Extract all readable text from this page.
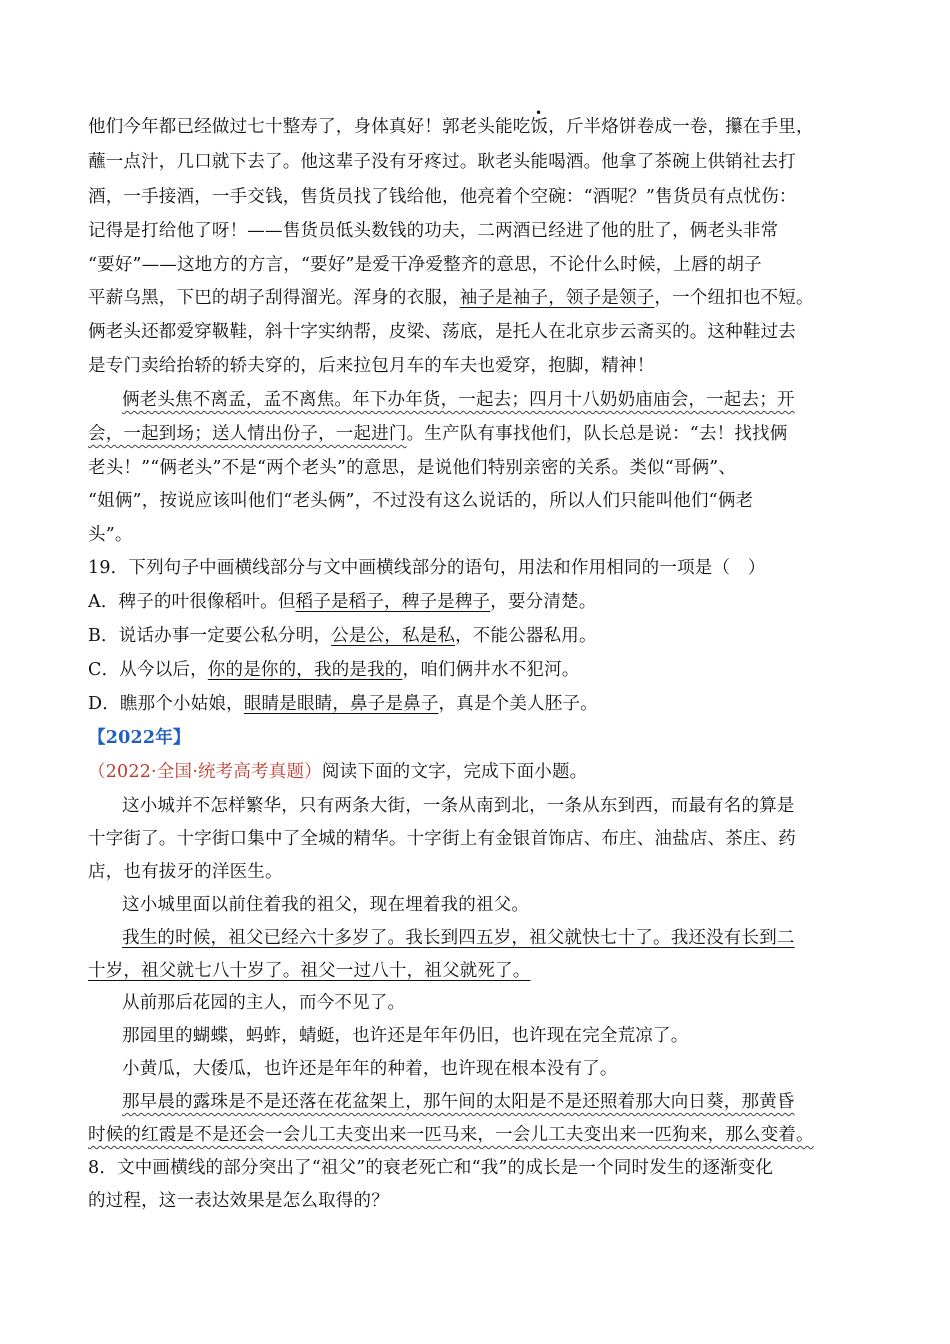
•
他们今年都已经做过七十整寿了，身体真好！郭老头能吃饭，斤半烙饼卷成一卷，攥在手里，
蘸一点汁，几口就下去了。他这辈子没有牙疼过。耿老头能喝酒。他拿了茶碗上供销社去打
酒，一手接酒，一手交钱，售货员找了钱给他，他亮着个空碗：“酒呢？”售货员有点忧伤：
记得是打给他了呀！——售货员低头数钱的功夫，二两酒已经进了他的肚了，俩老头非常
“要好”——这地方的方言，“要好”是爱干净爱整齐的意思，不论什么时候，上唇的胡子
平薪乌黑，下巴的胡子刮得溜光。浑身的衣服，袖子是袖子，领子是领子，一个纽扣也不短。
俩老头还都爱穿靸鞋，斜十字实纳帮，皮梁、荡底，是托人在北京步云斋买的。这种鞋过去
是专门卖给抬轿的轿夫穿的，后来拉包月车的车夫也爱穿，抱脚，精神！
俩老头焦不离孟，孟不离焦。年下办年货，一起去；四月十八奶奶庙庙会，一起去；开
会，一起到场；送人情出份子，一起进门。生产队有事找他们，队长总是说：“去！找找俩
老头！”“俩老头”不是“两个老头”的意思，是说他们特别亲密的关系。类似“哥俩”、
“姐俩”，按说应该叫他们“老头俩”，不过没有这么说话的，所以人们只能叫他们“俩老
头”。
19．下列句子中画横线部分与文中画横线部分的语句，用法和作用相同的一项是（　）
A．稗子的叶很像稻叶。但稻子是稻子，稗子是稗子，要分清楚。
B．说话办事一定要公私分明，公是公，私是私，不能公器私用。
C．从今以后，你的是你的，我的是我的，咱们俩井水不犯河。
D．瞧那个小姑娘，眼睛是眼睛，鼻子是鼻子，真是个美人胚子。
【2022年】
（2022·全国·统考高考真题）阅读下面的文字，完成下面小题。
这小城并不怎样繁华，只有两条大街，一条从南到北，一条从东到西，而最有名的算是
十字街了。十字街口集中了全城的精华。十字街上有金银首饰店、布庄、油盐店、茶庄、药
店，也有拔牙的洋医生。
这小城里面以前住着我的祖父，现在埋着我的祖父。
我生的时候，祖父已经六十多岁了。我长到四五岁，祖父就快七十了。我还没有长到二
十岁，祖父就七八十岁了。祖父一过八十，祖父就死了。
从前那后花园的主人，而今不见了。
那园里的蝴蝶，蚂蚱，蜻蜓，也许还是年年仍旧，也许现在完全荒凉了。
小黄瓜，大倭瓜，也许还是年年的种着，也许现在根本没有了。
那早晨的露珠是不是还落在花盆架上，那午间的太阳是不是还照着那大向日葵，那黄昏
时候的红霞是不是还会一会儿工夫变出来一匹马来，一会儿工夫变出来一匹狗来，那么变着。
8．文中画横线的部分突出了“祖父”的衰老死亡和“我”的成长是一个同时发生的逐渐变化
的过程，这一表达效果是怎么取得的？
